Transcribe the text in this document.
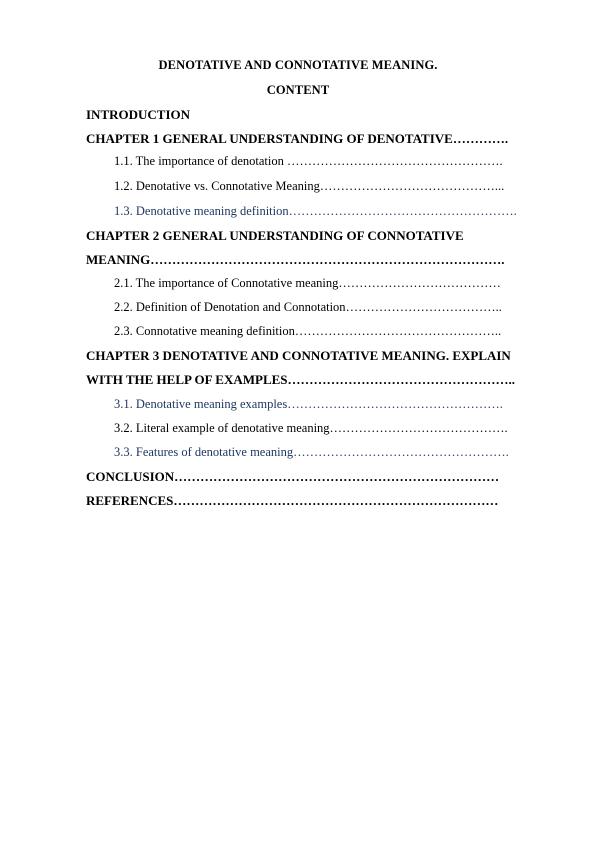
DENOTATIVE AND CONNOTATIVE MEANING.
CONTENT
INTRODUCTION
CHAPTER 1 GENERAL UNDERSTANDING OF DENOTATIVE………….
1.1. The importance of denotation …………………………………………….
1.2. Denotative vs. Connotative Meaning……………………………………...
1.3. Denotative meaning definition……………………………………………….
CHAPTER 2 GENERAL UNDERSTANDING OF CONNOTATIVE
MEANING……………………………………………………………………….
2.1. The importance of Connotative meaning…………………………………
2.2. Definition of Denotation and Connotation………………………………..
2.3. Connotative meaning definition…………………………………………..
CHAPTER 3 DENOTATIVE AND CONNOTATIVE MEANING. EXPLAIN
WITH THE HELP OF EXAMPLES……………………………………………..
3.1. Denotative meaning examples…………………………………………….
3.2. Literal example of denotative meaning…………………………………….
3.3. Features of denotative meaning…………………………………………….
CONCLUSION…………………………………………………………………
REFERENCES…………………………………………………………………
